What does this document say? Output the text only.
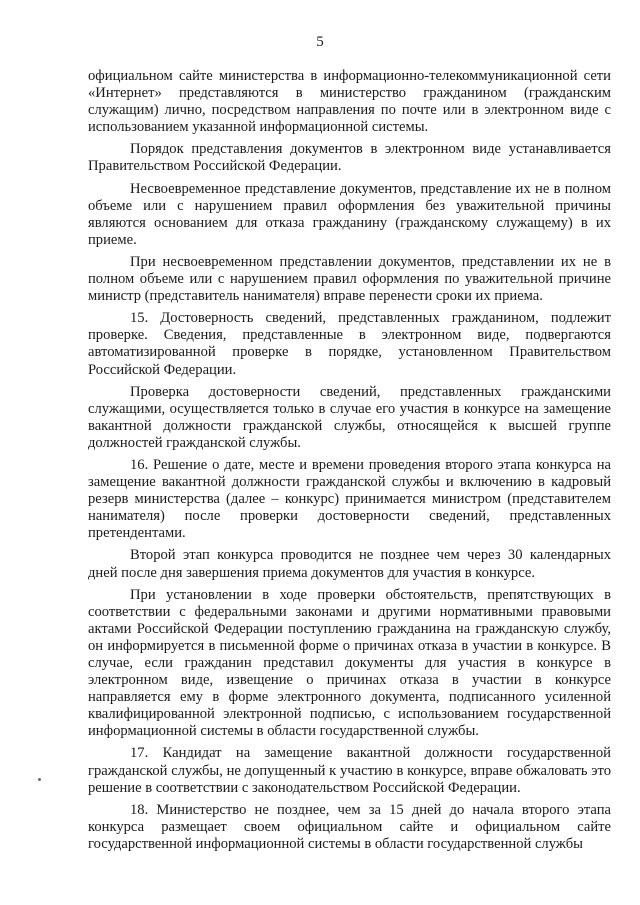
5

официальном сайте министерства в информационно-телекоммуникационной сети «Интернет» представляются в министерство гражданином (гражданским служащим) лично, посредством направления по почте или в электронном виде с использованием указанной информационной системы.

Порядок представления документов в электронном виде устанавливается Правительством Российской Федерации.

Несвоевременное представление документов, представление их не в полном объеме или с нарушением правил оформления без уважительной причины являются основанием для отказа гражданину (гражданскому служащему) в их приеме.

При несвоевременном представлении документов, представлении их не в полном объеме или с нарушением правил оформления по уважительной причине министр (представитель нанимателя) вправе перенести сроки их приема.

15. Достоверность сведений, представленных гражданином, подлежит проверке. Сведения, представленные в электронном виде, подвергаются автоматизированной проверке в порядке, установленном Правительством Российской Федерации.

Проверка достоверности сведений, представленных гражданскими служащими, осуществляется только в случае его участия в конкурсе на замещение вакантной должности гражданской службы, относящейся к высшей группе должностей гражданской службы.

16. Решение о дате, месте и времени проведения второго этапа конкурса на замещение вакантной должности гражданской службы и включению в кадровый резерв министерства (далее – конкурс) принимается министром (представителем нанимателя) после проверки достоверности сведений, представленных претендентами.

Второй этап конкурса проводится не позднее чем через 30 календарных дней после дня завершения приема документов для участия в конкурсе.

При установлении в ходе проверки обстоятельств, препятствующих в соответствии с федеральными законами и другими нормативными правовыми актами Российской Федерации поступлению гражданина на гражданскую службу, он информируется в письменной форме о причинах отказа в участии в конкурсе. В случае, если гражданин представил документы для участия в конкурсе в электронном виде, извещение о причинах отказа в участии в конкурсе направляется ему в форме электронного документа, подписанного усиленной квалифицированной электронной подписью, с использованием государственной информационной системы в области государственной службы.

17. Кандидат на замещение вакантной должности государственной гражданской службы, не допущенный к участию в конкурсе, вправе обжаловать это решение в соответствии с законодательством Российской Федерации.

18. Министерство не позднее, чем за 15 дней до начала второго этапа конкурса размещает своем официальном сайте и официальном сайте государственной информационной системы в области государственной службы
